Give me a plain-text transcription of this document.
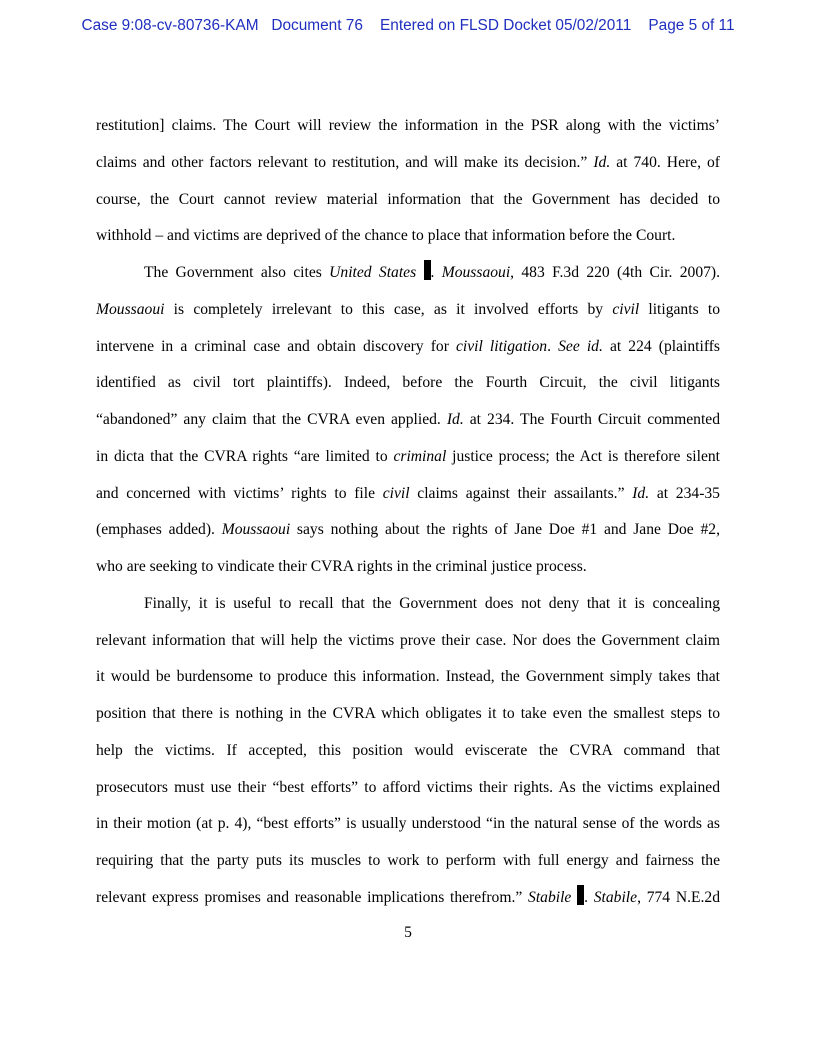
Case 9:08-cv-80736-KAM Document 76 Entered on FLSD Docket 05/02/2011 Page 5 of 11
restitution] claims. The Court will review the information in the PSR along with the victims’
claims and other factors relevant to restitution, and will make its decision.” Id. at 740. Here, of
course, the Court cannot review material information that the Government has decided to
withhold – and victims are deprived of the chance to place that information before the Court.
The Government also cites United States . Moussaoui, 483 F.3d 220 (4th Cir. 2007).
Moussaoui is completely irrelevant to this case, as it involved efforts by civil litigants to
intervene in a criminal case and obtain discovery for civil litigation. See id. at 224 (plaintiffs
identified as civil tort plaintiffs). Indeed, before the Fourth Circuit, the civil litigants
“abandoned” any claim that the CVRA even applied. Id. at 234. The Fourth Circuit commented
in dicta that the CVRA rights “are limited to criminal justice process; the Act is therefore silent
and concerned with victims’ rights to file civil claims against their assailants.” Id. at 234-35
(emphases added). Moussaoui says nothing about the rights of Jane Doe #1 and Jane Doe #2,
who are seeking to vindicate their CVRA rights in the criminal justice process.
Finally, it is useful to recall that the Government does not deny that it is concealing
relevant information that will help the victims prove their case. Nor does the Government claim
it would be burdensome to produce this information. Instead, the Government simply takes that
position that there is nothing in the CVRA which obligates it to take even the smallest steps to
help the victims. If accepted, this position would eviscerate the CVRA command that
prosecutors must use their “best efforts” to afford victims their rights. As the victims explained
in their motion (at p. 4), “best efforts” is usually understood “in the natural sense of the words as
requiring that the party puts its muscles to work to perform with full energy and fairness the
relevant express promises and reasonable implications therefrom.” Stabile . Stabile, 774 N.E.2d
5
